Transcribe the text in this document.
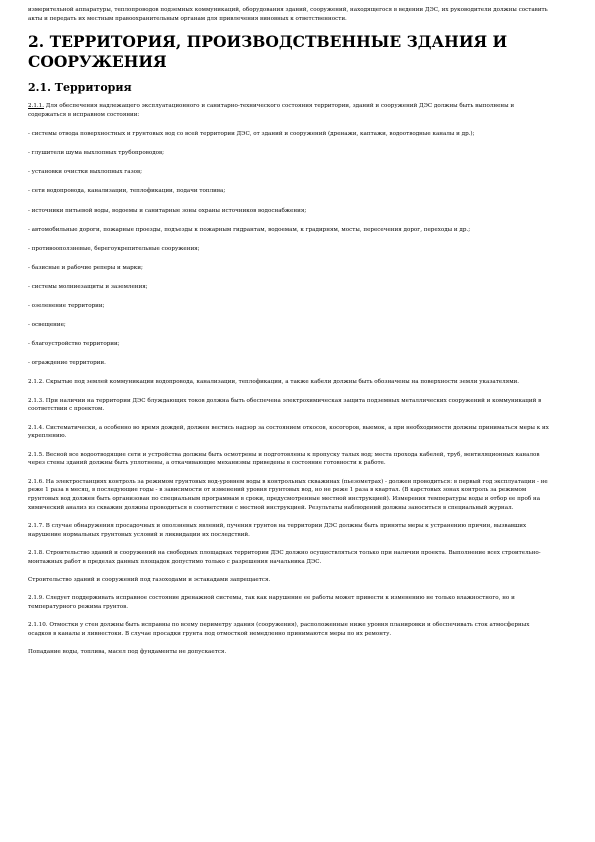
измерительной аппаратуры, теплопроводов подземных коммуникаций, оборудования зданий, сооружений, находящегося в ведении ДЭС, их руководители должны составить акты и передать их местным правоохранительным органам для привлечения виновных к ответственности.

2. ТЕРРИТОРИЯ, ПРОИЗВОДСТВЕННЫЕ ЗДАНИЯ И СООРУЖЕНИЯ
2.1. Территория

2.1.1. Для обеспечения надлежащего эксплуатационного и санитарно-технического состояния территории, зданий и сооружений ДЭС должны быть выполнены и содержаться в исправном состоянии:

- системы отвода поверхностных и грунтовых вод со всей территории ДЭС, от зданий и сооружений (дренажи, каптажи, водоотводные каналы и др.);

- глушители шума выхлопных трубопроводов;

- установки очистки выхлопных газов;

- сети водопровода, канализации, теплофикации, подачи топлива;

- источники питьевой воды, водоемы и санитарные зоны охраны источников водоснабжения;

- автомобильные дороги, пожарные проезды, подъезды к пожарным гидрантам, водоемам, к градирням, мосты, пересечения дорог, переходы и др.;

- противооползневые, берегоукрепительные сооружения;

- базисные и рабочие реперы и марки;

- системы молниезащиты и заземления;

- озеленение территории;

- освещение;

- благоустройство территории;

- ограждение территории.

2.1.2. Скрытые под землей коммуникации водопровода, канализации, теплофикации, а также кабели должны быть обозначены на поверхности земли указателями.

2.1.3. При наличии на территории ДЭС блуждающих токов должна быть обеспечена электрохимическая защита подземных металлических сооружений и коммуникаций в соответствии с проектом.

2.1.4. Систематически, а особенно во время дождей, должен вестись надзор за состоянием откосов, косогоров, выемок, а при необходимости должны приниматься меры к их укреплению.

2.1.5. Весной все водоотводящие сети и устройства должны быть осмотрены и подготовлены к пропуску талых вод; места прохода кабелей, труб, вентиляционных каналов через стены зданий должны быть уплотнены, а откачивающие механизмы приведены в состояние готовности к работе.

2.1.6. На электростанциях контроль за режимом грунтовых вод-уровнем воды в контрольных скважинах (пьезометрах) - должен проводиться: в первый год эксплуатации - не реже 1 раза в месяц, в последующие годы - в зависимости от изменений уровня грунтовых вод, но не реже 1 раза в квартал. (В карстовых зонах контроль за режимом грунтовых вод должен быть организован по специальным программам в сроки, предусмотренные местной инструкцией). Измерения температуры воды и отбор ее проб на химический анализ из скважин должны проводиться в соответствии с местной инструкцией. Результаты наблюдений должны заноситься в специальный журнал.

2.1.7. В случае обнаружения просадочных и оползневых явлений, пучения грунтов на территории ДЭС должны быть приняты меры к устранению причин, вызвавших нарушение нормальных грунтовых условий и ликвидации их последствий.

2.1.8. Строительство зданий и сооружений на свободных площадках территории ДЭС должно осуществляться только при наличии проекта. Выполнение всех строительно-монтажных работ в пределах данных площадок допустимо только с разрешения начальника ДЭС.

Строительство зданий и сооружений под газоходами и эстакадами запрещается.

2.1.9. Следует поддерживать исправное состояние дренажной системы, так как нарушение ее работы может привести к изменению не только влажностного, но и температурного режима грунтов.

2.1.10. Отмостки у стен должны быть исправны по всему периметру здания (сооружения), расположенные ниже уровня планировки и обеспечивать сток атмосферных осадков в каналы и ливнестоки. В случае просадки грунта под отмосткой немедленно принимаются меры по их ремонту.

Попадание воды, топлива, масел под фундаменты не допускается.
